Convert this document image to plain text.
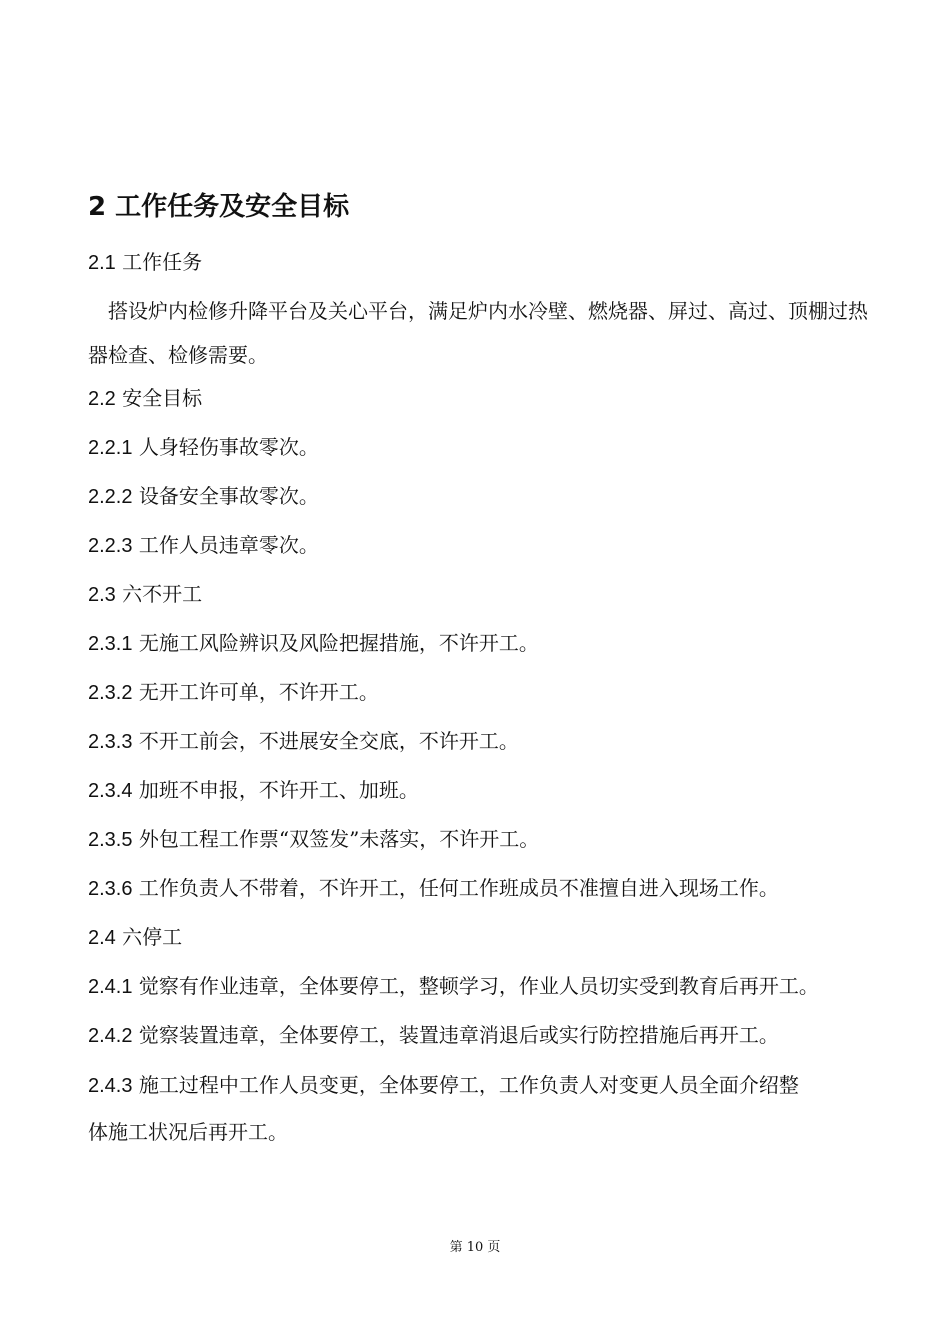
2 工作任务及安全目标
2.1 工作任务
搭设炉内检修升降平台及关心平台，满足炉内水冷壁、燃烧器、屏过、高过、顶棚过热器检查、检修需要。
2.2 安全目标
2.2.1 人身轻伤事故零次。
2.2.2 设备安全事故零次。
2.2.3 工作人员违章零次。
2.3 六不开工
2.3.1 无施工风险辨识及风险把握措施，不许开工。
2.3.2 无开工许可单，不许开工。
2.3.3 不开工前会，不进展安全交底，不许开工。
2.3.4 加班不申报，不许开工、加班。
2.3.5 外包工程工作票“双签发”未落实，不许开工。
2.3.6 工作负责人不带着，不许开工，任何工作班成员不准擅自进入现场工作。
2.4 六停工
2.4.1 觉察有作业违章，全体要停工，整顿学习，作业人员切实受到教育后再开工。
2.4.2 觉察装置违章，全体要停工，装置违章消退后或实行防控措施后再开工。
2.4.3 施工过程中工作人员变更，全体要停工，工作负责人对变更人员全面介绍整
体施工状况后再开工。
第 10 页
